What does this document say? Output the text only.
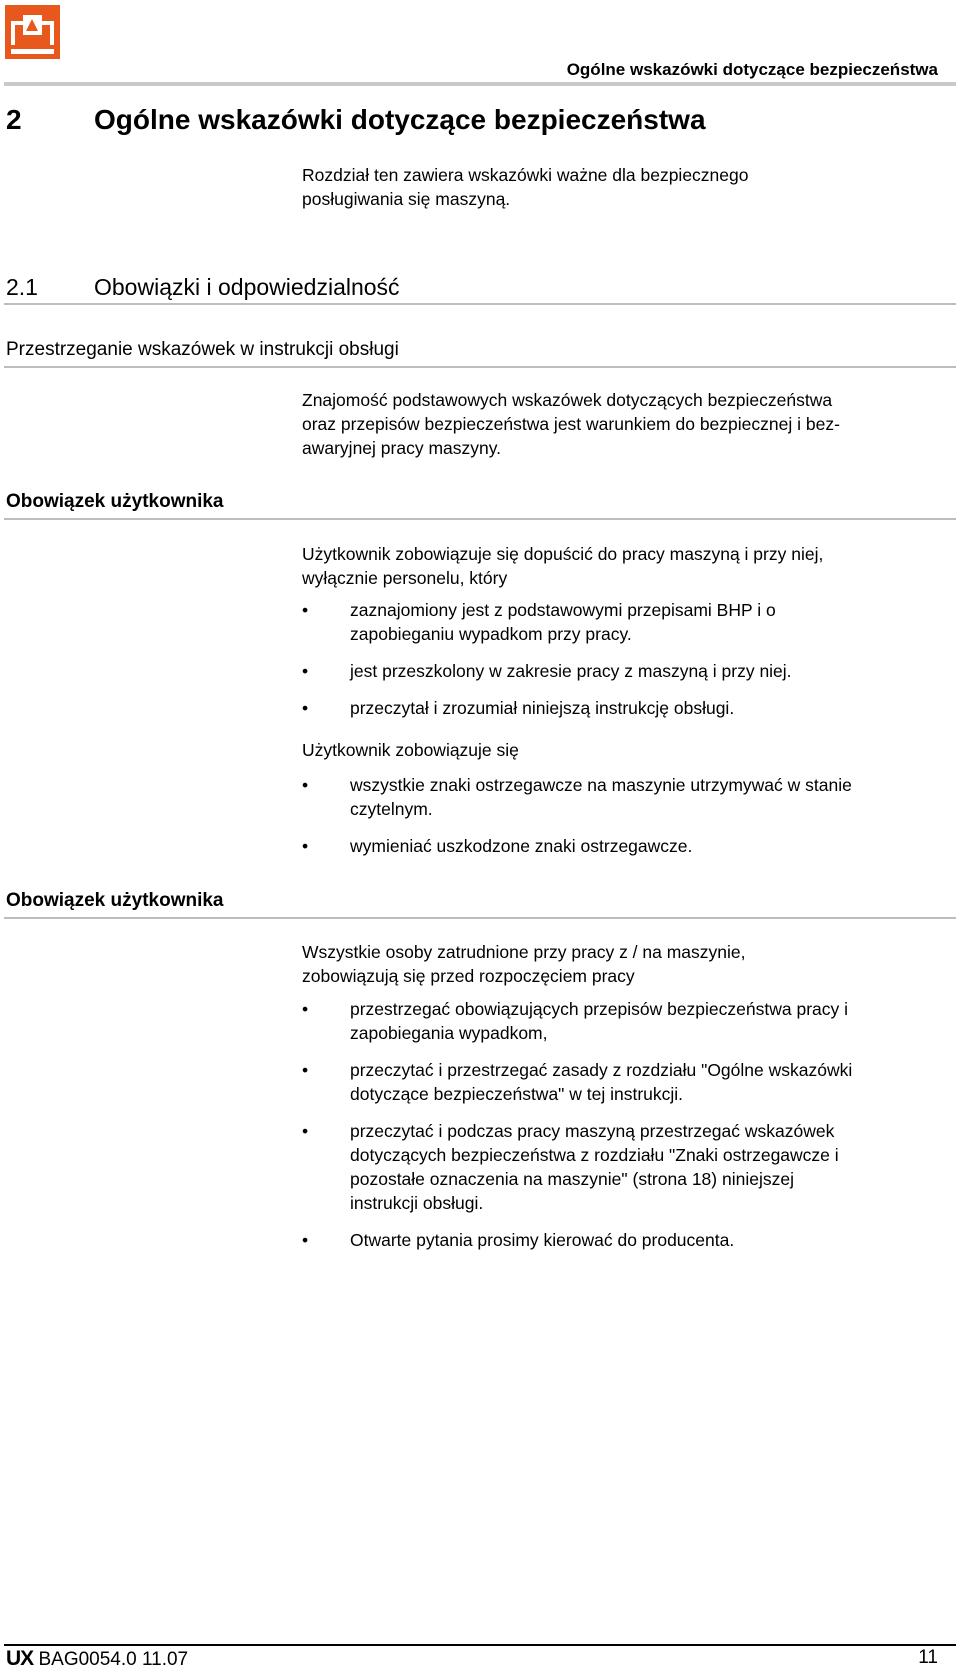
Ogólne wskazówki dotyczące bezpieczeństwa
2	Ogólne wskazówki dotyczące bezpieczeństwa
Rozdział ten zawiera wskazówki ważne dla bezpiecznego
posługiwania się maszyną.
2.1 Obowiązki i odpowiedzialność
Przestrzeganie wskazówek w instrukcji obsługi
Znajomość podstawowych wskazówek dotyczących bezpieczeństwa
oraz przepisów bezpieczeństwa jest warunkiem do bezpiecznej i bez-
awaryjnej pracy maszyny.
Obowiązek użytkownika
Użytkownik zobowiązuje się dopuścić do pracy maszyną i przy niej,
wyłącznie personelu, który
•	zaznajomiony jest z podstawowymi przepisami BHP i o
zapobieganiu wypadkom przy pracy.
•	jest przeszkolony w zakresie pracy z maszyną i przy niej.
•	przeczytał i zrozumiał niniejszą instrukcję obsługi.
Użytkownik zobowiązuje się
•	wszystkie znaki ostrzegawcze na maszynie utrzymywać w stanie
czytelnym.
•	wymieniać uszkodzone znaki ostrzegawcze.
Obowiązek użytkownika
Wszystkie osoby zatrudnione przy pracy z / na maszynie,
zobowiązują się przed rozpoczęciem pracy
•	przestrzegać obowiązujących przepisów bezpieczeństwa pracy i
zapobiegania wypadkom,
•	przeczytać i przestrzegać zasady z rozdziału "Ogólne wskazówki
dotyczące bezpieczeństwa" w tej instrukcji.
•	przeczytać i podczas pracy maszyną przestrzegać wskazówek
dotyczących bezpieczeństwa z rozdziału "Znaki ostrzegawcze i
pozostałe oznaczenia na maszynie" (strona 18) niniejszej
instrukcji obsługi.
•	Otwarte pytania prosimy kierować do producenta.
UX BAG0054.0 11.07	11
